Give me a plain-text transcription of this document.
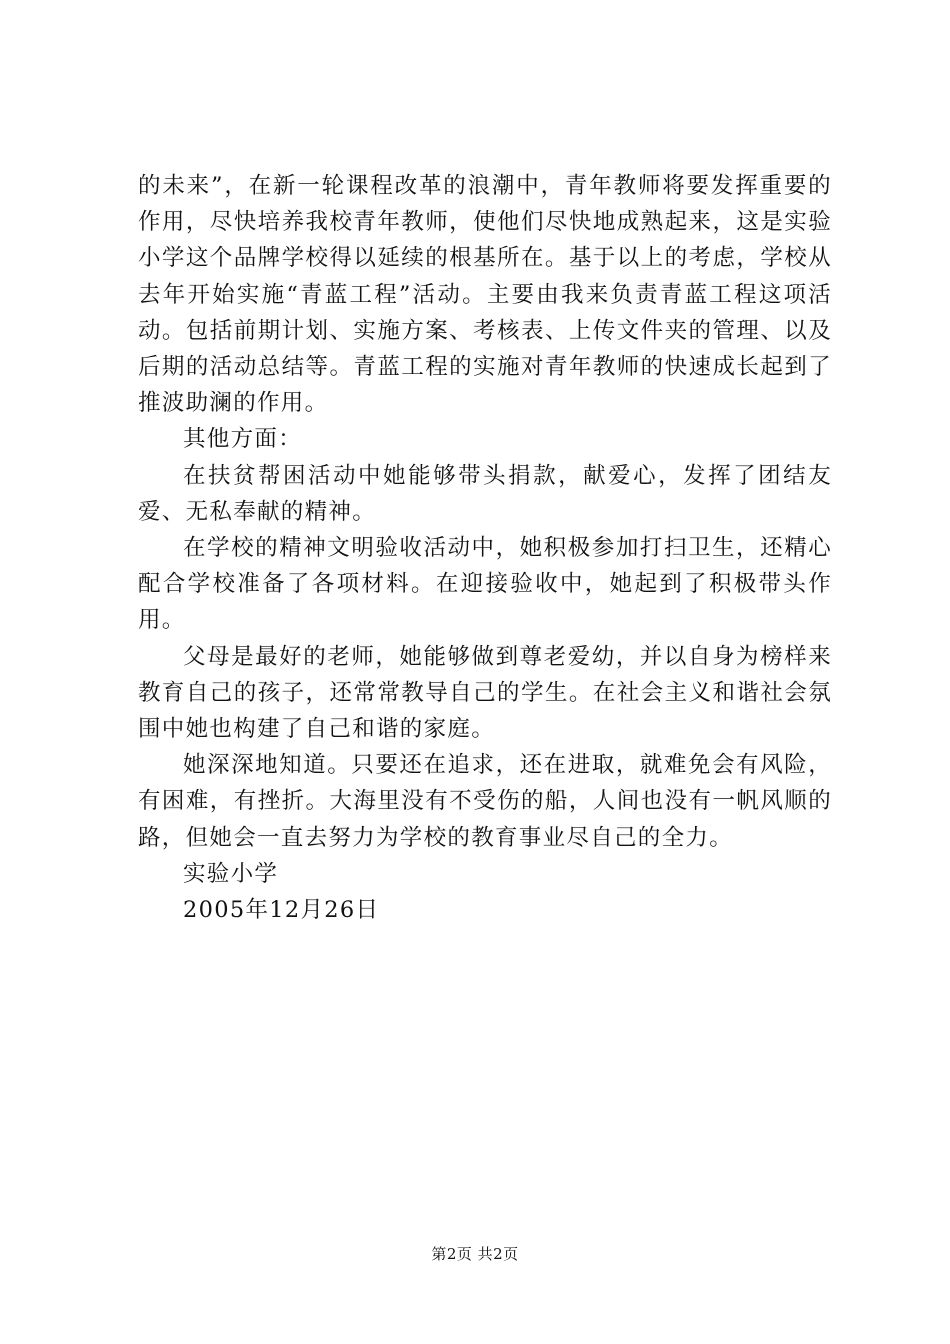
的未来”，在新一轮课程改革的浪潮中，青年教师将要发挥重要的作用，尽快培养我校青年教师，使他们尽快地成熟起来，这是实验小学这个品牌学校得以延续的根基所在。基于以上的考虑，学校从去年开始实施“青蓝工程”活动。主要由我来负责青蓝工程这项活动。包括前期计划、实施方案、考核表、上传文件夹的管理、以及后期的活动总结等。青蓝工程的实施对青年教师的快速成长起到了推波助澜的作用。

其他方面：

在扶贫帮困活动中她能够带头捐款，献爱心，发挥了团结友爱、无私奉献的精神。

在学校的精神文明验收活动中，她积极参加打扫卫生，还精心配合学校准备了各项材料。在迎接验收中，她起到了积极带头作用。

父母是最好的老师，她能够做到尊老爱幼，并以自身为榜样来教育自己的孩子，还常常教导自己的学生。在社会主义和谐社会氛围中她也构建了自己和谐的家庭。

她深深地知道。只要还在追求，还在进取，就难免会有风险，有困难，有挫折。大海里没有不受伤的船，人间也没有一帆风顺的路，但她会一直去努力为学校的教育事业尽自己的全力。

实验小学

2005年12月26日

第2页 共2页
